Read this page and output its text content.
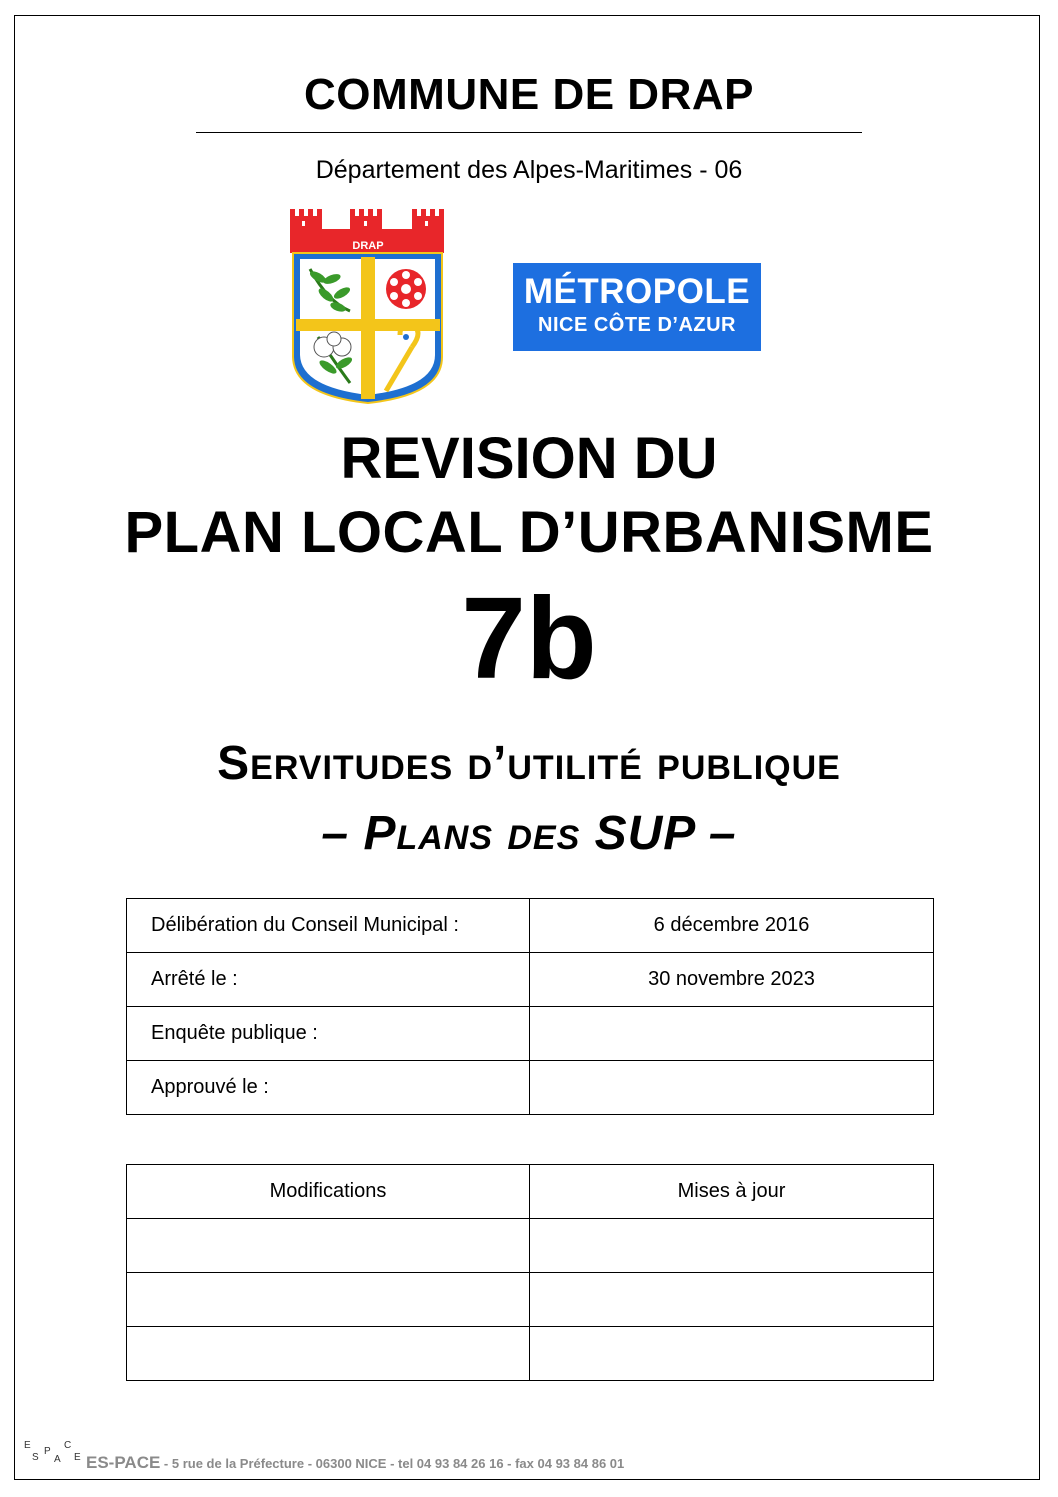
COMMUNE DE DRAP
Département des Alpes-Maritimes - 06
DRAP
MÉTROPOLE
NICE CÔTE D’AZUR
REVISION DU
PLAN LOCAL D’URBANISME
7b
Servitudes d’utilité publique
– Plans des SUP –
Délibération du Conseil Municipal :	6 décembre 2016
Arrêté le :	30 novembre 2023
Enquête publique :	
Approuvé le :	
Modifications	Mises à jour

E
S
P
A
C
E ES-PACE - 5 rue de la Préfecture - 06300 NICE - tel 04 93 84 26 16 - fax 04 93 84 86 01
